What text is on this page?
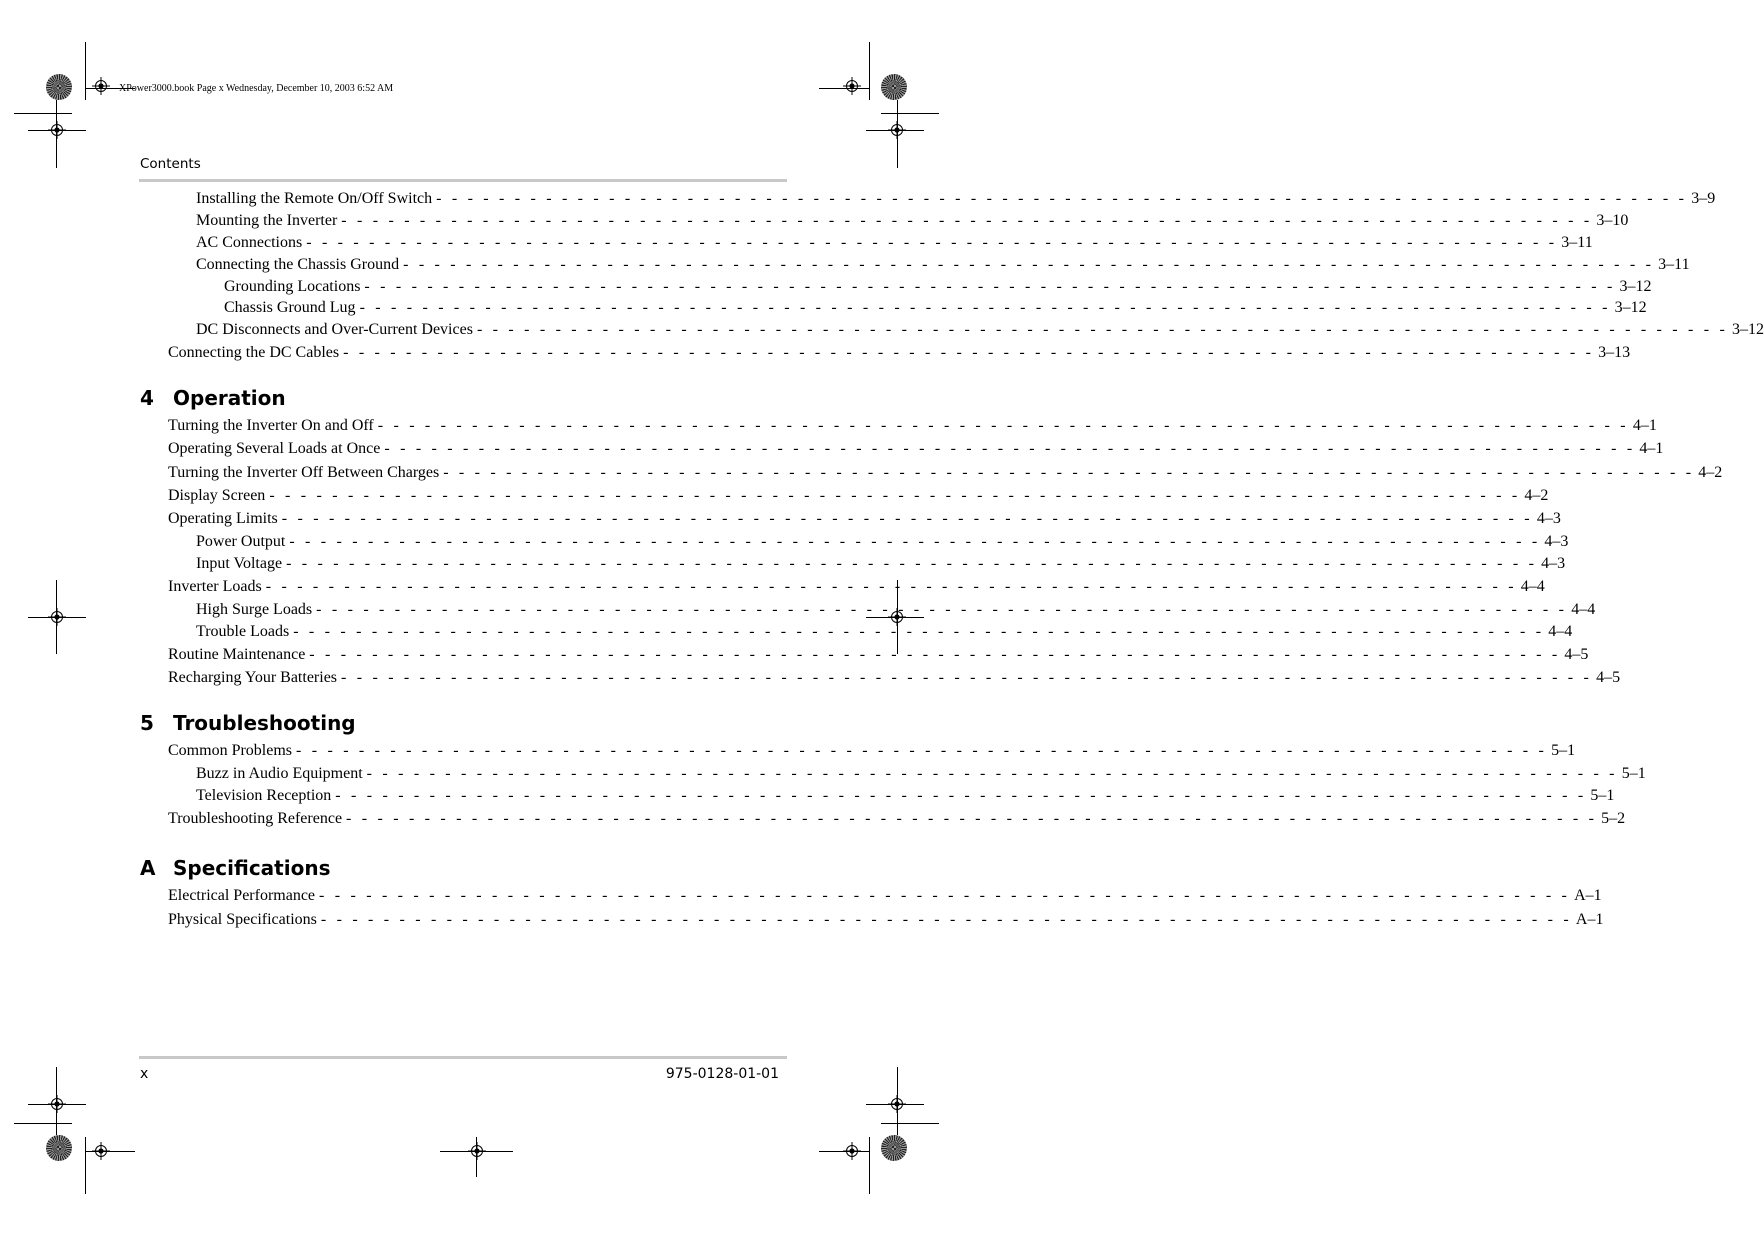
XPower3000.book Page x Wednesday, December 10, 2003 6:52 AM
Contents
Installing the Remote On/Off Switch - - - - - - - - - - - - - - - - - - - - - - - - - - - - - - - - - - - - - - - - - - - - - - - - - - - - - - - - - - - - - - - - - - - - - - - - - - - - - - - - 3–9
Mounting the Inverter - - - - - - - - - - - - - - - - - - - - - - - - - - - - - - - - - - - - - - - - - - - - - - - - - - - - - - - - - - - - - - - - - - - - - - - - - - - - - - - - 3–10
AC Connections - - - - - - - - - - - - - - - - - - - - - - - - - - - - - - - - - - - - - - - - - - - - - - - - - - - - - - - - - - - - - - - - - - - - - - - - - - - - - - - - 3–11
Connecting the Chassis Ground - - - - - - - - - - - - - - - - - - - - - - - - - - - - - - - - - - - - - - - - - - - - - - - - - - - - - - - - - - - - - - - - - - - - - - - - - - - - - - - - 3–11
Grounding Locations - - - - - - - - - - - - - - - - - - - - - - - - - - - - - - - - - - - - - - - - - - - - - - - - - - - - - - - - - - - - - - - - - - - - - - - - - - - - - - - - 3–12
Chassis Ground Lug - - - - - - - - - - - - - - - - - - - - - - - - - - - - - - - - - - - - - - - - - - - - - - - - - - - - - - - - - - - - - - - - - - - - - - - - - - - - - - - - 3–12
DC Disconnects and Over-Current Devices - - - - - - - - - - - - - - - - - - - - - - - - - - - - - - - - - - - - - - - - - - - - - - - - - - - - - - - - - - - - - - - - - - - - - - - - - - - - - - - - 3–12
Connecting the DC Cables - - - - - - - - - - - - - - - - - - - - - - - - - - - - - - - - - - - - - - - - - - - - - - - - - - - - - - - - - - - - - - - - - - - - - - - - - - - - - - - - 3–13
4 Operation
Turning the Inverter On and Off - - - - - - - - - - - - - - - - - - - - - - - - - - - - - - - - - - - - - - - - - - - - - - - - - - - - - - - - - - - - - - - - - - - - - - - - - - - - - - - - 4–1
Operating Several Loads at Once - - - - - - - - - - - - - - - - - - - - - - - - - - - - - - - - - - - - - - - - - - - - - - - - - - - - - - - - - - - - - - - - - - - - - - - - - - - - - - - - 4–1
Turning the Inverter Off Between Charges - - - - - - - - - - - - - - - - - - - - - - - - - - - - - - - - - - - - - - - - - - - - - - - - - - - - - - - - - - - - - - - - - - - - - - - - - - - - - - - - 4–2
Display Screen - - - - - - - - - - - - - - - - - - - - - - - - - - - - - - - - - - - - - - - - - - - - - - - - - - - - - - - - - - - - - - - - - - - - - - - - - - - - - - - - 4–2
Operating Limits - - - - - - - - - - - - - - - - - - - - - - - - - - - - - - - - - - - - - - - - - - - - - - - - - - - - - - - - - - - - - - - - - - - - - - - - - - - - - - - - 4–3
Power Output - - - - - - - - - - - - - - - - - - - - - - - - - - - - - - - - - - - - - - - - - - - - - - - - - - - - - - - - - - - - - - - - - - - - - - - - - - - - - - - - 4–3
Input Voltage - - - - - - - - - - - - - - - - - - - - - - - - - - - - - - - - - - - - - - - - - - - - - - - - - - - - - - - - - - - - - - - - - - - - - - - - - - - - - - - - 4–3
Inverter Loads - - - - - - - - - - - - - - - - - - - - - - - - - - - - - - - - - - - - - - - - - - - - - - - - - - - - - - - - - - - - - - - - - - - - - - - - - - - - - - - - 4–4
High Surge Loads - - - - - - - - - - - - - - - - - - - - - - - - - - - - - - - - - - - - - - - - - - - - - - - - - - - - - - - - - - - - - - - - - - - - - - - - - - - - - - - - 4–4
Trouble Loads - - - - - - - - - - - - - - - - - - - - - - - - - - - - - - - - - - - - - - - - - - - - - - - - - - - - - - - - - - - - - - - - - - - - - - - - - - - - - - - - 4–4
Routine Maintenance - - - - - - - - - - - - - - - - - - - - - - - - - - - - - - - - - - - - - - - - - - - - - - - - - - - - - - - - - - - - - - - - - - - - - - - - - - - - - - - - 4–5
Recharging Your Batteries - - - - - - - - - - - - - - - - - - - - - - - - - - - - - - - - - - - - - - - - - - - - - - - - - - - - - - - - - - - - - - - - - - - - - - - - - - - - - - - - 4–5
5 Troubleshooting
Common Problems - - - - - - - - - - - - - - - - - - - - - - - - - - - - - - - - - - - - - - - - - - - - - - - - - - - - - - - - - - - - - - - - - - - - - - - - - - - - - - - - 5–1
Buzz in Audio Equipment - - - - - - - - - - - - - - - - - - - - - - - - - - - - - - - - - - - - - - - - - - - - - - - - - - - - - - - - - - - - - - - - - - - - - - - - - - - - - - - - 5–1
Television Reception - - - - - - - - - - - - - - - - - - - - - - - - - - - - - - - - - - - - - - - - - - - - - - - - - - - - - - - - - - - - - - - - - - - - - - - - - - - - - - - - 5–1
Troubleshooting Reference - - - - - - - - - - - - - - - - - - - - - - - - - - - - - - - - - - - - - - - - - - - - - - - - - - - - - - - - - - - - - - - - - - - - - - - - - - - - - - - - 5–2
A Specifications
Electrical Performance - - - - - - - - - - - - - - - - - - - - - - - - - - - - - - - - - - - - - - - - - - - - - - - - - - - - - - - - - - - - - - - - - - - - - - - - - - - - - - - - A–1
Physical Specifications - - - - - - - - - - - - - - - - - - - - - - - - - - - - - - - - - - - - - - - - - - - - - - - - - - - - - - - - - - - - - - - - - - - - - - - - - - - - - - - - A–1
x	975-0128-01-01
